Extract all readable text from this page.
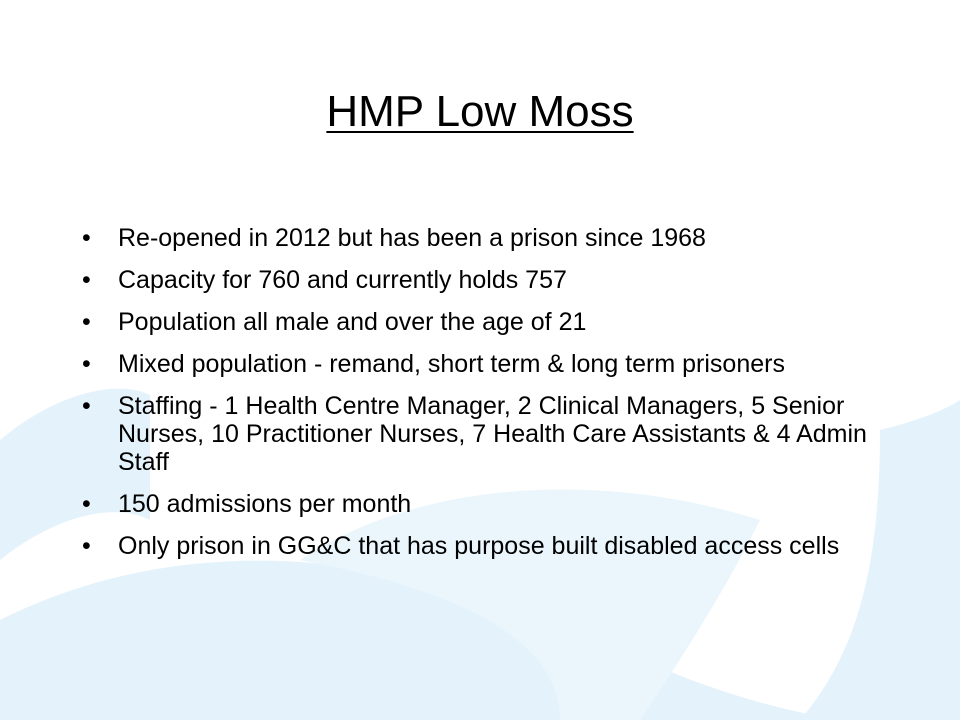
HMP Low Moss
• Re-opened in 2012 but has been a prison since 1968
• Capacity for 760 and currently holds 757
• Population all male and over the age of 21
• Mixed population - remand, short term & long term prisoners
• Staffing - 1 Health Centre Manager, 2 Clinical Managers, 5 Senior Nurses, 10 Practitioner Nurses, 7 Health Care Assistants & 4 Admin Staff
• 150 admissions per month
• Only prison in GG&C that has purpose built disabled access cells
